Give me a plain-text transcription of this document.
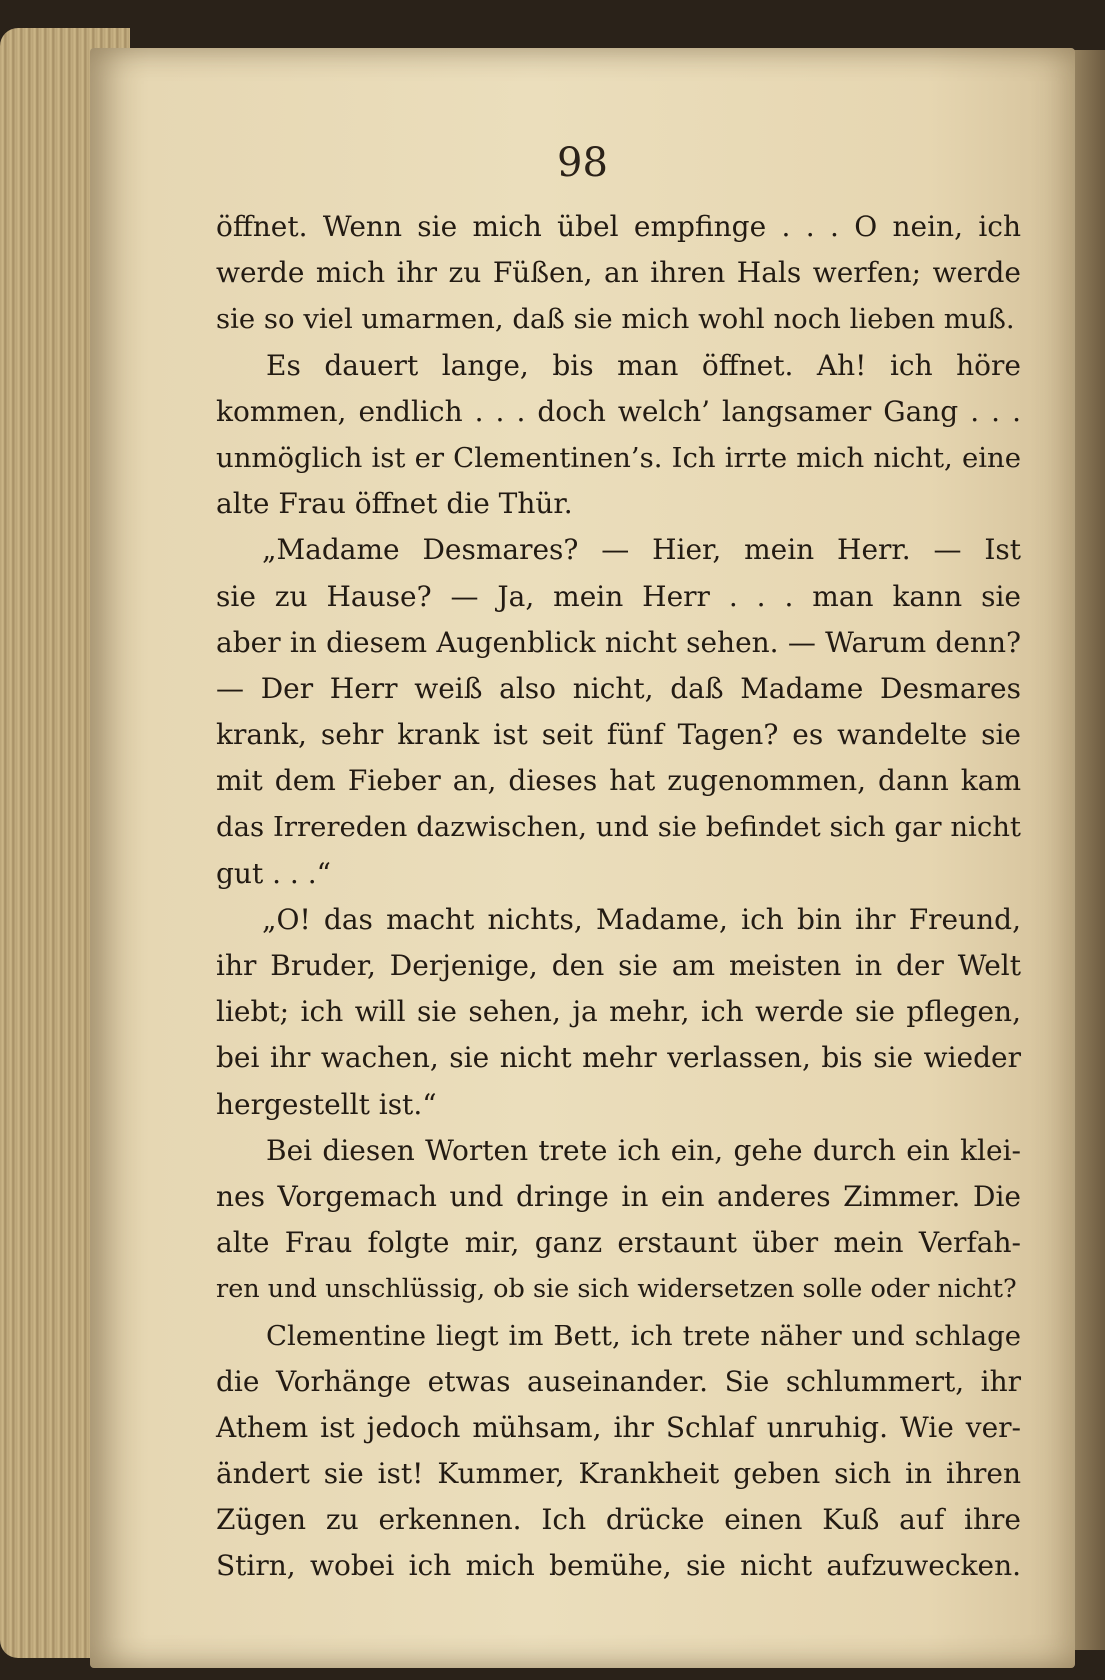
98
öffnet. Wenn sie mich übel empfinge . . . O nein, ich
werde mich ihr zu Füßen, an ihren Hals werfen; werde
sie so viel umarmen, daß sie mich wohl noch lieben muß.
Es dauert lange, bis man öffnet. Ah! ich höre
kommen, endlich . . . doch welch’ langsamer Gang . . .
unmöglich ist er Clementinen’s. Ich irrte mich nicht, eine
alte Frau öffnet die Thür.
„Madame Desmares? — Hier, mein Herr. — Ist
sie zu Hause? — Ja, mein Herr . . . man kann sie
aber in diesem Augenblick nicht sehen. — Warum denn?
— Der Herr weiß also nicht, daß Madame Desmares
krank, sehr krank ist seit fünf Tagen? es wandelte sie
mit dem Fieber an, dieses hat zugenommen, dann kam
das Irrereden dazwischen, und sie befindet sich gar nicht
gut . . .“
„O! das macht nichts, Madame, ich bin ihr Freund,
ihr Bruder, Derjenige, den sie am meisten in der Welt
liebt; ich will sie sehen, ja mehr, ich werde sie pflegen,
bei ihr wachen, sie nicht mehr verlassen, bis sie wieder
hergestellt ist.“
Bei diesen Worten trete ich ein, gehe durch ein klei-
nes Vorgemach und dringe in ein anderes Zimmer. Die
alte Frau folgte mir, ganz erstaunt über mein Verfah-
ren und unschlüssig, ob sie sich widersetzen solle oder nicht?
Clementine liegt im Bett, ich trete näher und schlage
die Vorhänge etwas auseinander. Sie schlummert, ihr
Athem ist jedoch mühsam, ihr Schlaf unruhig. Wie ver-
ändert sie ist! Kummer, Krankheit geben sich in ihren
Zügen zu erkennen. Ich drücke einen Kuß auf ihre
Stirn, wobei ich mich bemühe, sie nicht aufzuwecken.
